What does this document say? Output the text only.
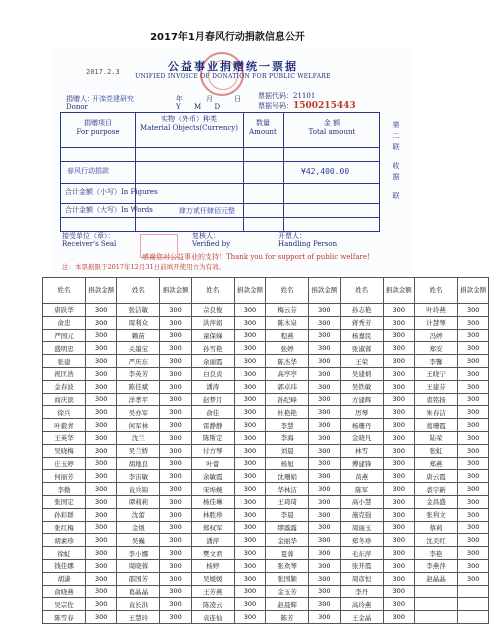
2017年1月春风行动捐款信息公开
公益事业捐赠统一票据
UNIFIED INVOICE OF DONATION FOR PUBLIC WELFARE
2017.2.3
捐赠人：
Donor
开滦党建研究	年	月	日
Y      M      D
票据代码：21101
票据号码：1500215443
捐赠项目
For purpose
实物（外币）种类
Material Objects(Currency)
数量
Amount
金 额
Total amount
春风行动捐款	¥42,400.00
合计金额（小写）In Figures
合计金额（大写）In Words	肆万贰仟肆佰元整
第
二
联
收
据
联
接受单位（章）：
Receiver's Seal
复核人：
Verified by
开票人：
Handling Person
感谢您对公益事业的支持！Thank you for support of public welfare!
注：本票据限于2017年12月31日前填开使用方为有效。
姓名	捐款金额	姓名	捐款金额	姓名	捐款金额	姓名	捐款金额	姓名	捐款金额	姓名	捐款金额
唐跃华	300	张洁敏	300	佘良俊	300	梅云芬	300	孙志艳	300	叶玲燕	300
俞忠	300	周利众	300	洪萍娟	300	陈木泉	300	蒋秀芳	300	计慧琴	300
严国元	300	赖苗	300	童保娣	300	程燕	300	杨嘉民	300	冯婷	300
盛明忠	300	关墨宝	300	孙雪艳	300	张婷	300	张淑蓉	300	郑安	300
张建	300	严庆东	300	余丽霞	300	陈杰华	300	王荣	300	李馨	300
祝匡浩	300	李英芳	300	白良贞	300	高亭亭	300	吴建炳	300	王晓宁	300
金春波	300	陈佳斌	300	潘涛	300	郭卓玮	300	吴铁敏	300	王建芬	300
商庆滨	300	洋孝平	300	赵梦月	300	孙纪峰	300	方建辉	300	裘铭扬	300
徐兵	300	吴亦军	300	俞佳	300	杜艳艳	300	厉琴	300	朱春洁	300
叶毅青	300	何军林	300	雷静静	300	李慧	300	杨珊丹	300	葛珊霞	300
王英华	300	沈兰	300	陈斯定	300	李海	300	金晓凡	300	陆荣	300
吴晓梅	300	吴兰娇	300	付方琴	300	刘晨	300	林雪	300	张虹	300
庄玉婷	300	胡地良	300	叶蕾	300	杨旭	300	傅建锋	300	郑燕	300
何丽芳	300	李宙敏	300	余敏霞	300	沈珊娟	300	黄燕	300	唐云霞	300
李勤	300	袁兵锦	300	宋埠婉	300	华林洁	300	陈军	300	裘宇新	300
张国定	300	谭莉莉	300	杨佳琳	300	王琦琦	300	高小慧	300	金昌盛	300
孙彩群	300	沈蕾	300	林胜珍	300	李晨	300	施克强	300	张利文	300
张红梅	300	金煜	300	郑权军	300	缪露露	300	周丽玉	300	蔡莉	300
胡素珍	300	吴巍	300	潘萍	300	金丽华	300	郑冬珍	300	沈美红	300
徐虹	300	李小娜	300	樊文君	300	夏蓉	300	毛东萍	300	李艳	300
钱佳娜	300	周晓蓉	300	杨婷	300	张欢琴	300	张开霞	300	李燕萍	300
胡潇	300	邵国芳	300	吴媛媛	300	张国颖	300	周彦恒	300	赵晶晶	300
俞晓燕	300	葛晶晶	300	王芳燕	300	金玉芳	300	李丹	300		
吴宗佐	300	袁长洪	300	陈凌云	300	赵晨辉	300	高玲燕	300		
陈雪春	300	王慧玲	300	袁连仙	300	陈芳	300	王金晶	300		
